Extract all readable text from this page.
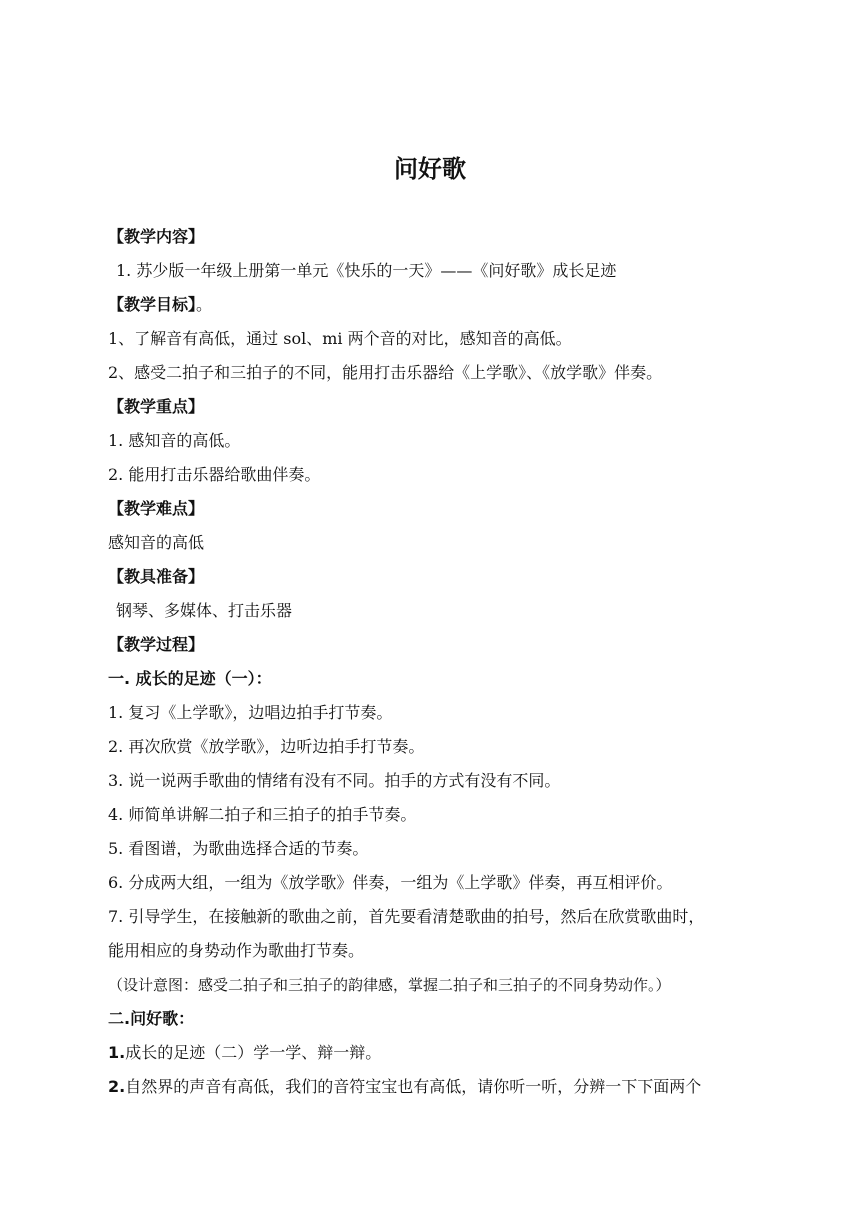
问好歌
【教学内容】
1. 苏少版一年级上册第一单元《快乐的一天》——《问好歌》成长足迹
【教学目标】。
1、了解音有高低，通过 sol、mi 两个音的对比，感知音的高低。
2、感受二拍子和三拍子的不同，能用打击乐器给《上学歌》、《放学歌》伴奏。
【教学重点】
1. 感知音的高低。
2. 能用打击乐器给歌曲伴奏。
【教学难点】
感知音的高低
【教具准备】
钢琴、多媒体、打击乐器
【教学过程】
一. 成长的足迹（一）：
1. 复习《上学歌》，边唱边拍手打节奏。
2. 再次欣赏《放学歌》，边听边拍手打节奏。
3. 说一说两手歌曲的情绪有没有不同。拍手的方式有没有不同。
4. 师简单讲解二拍子和三拍子的拍手节奏。
5. 看图谱，为歌曲选择合适的节奏。
6. 分成两大组，一组为《放学歌》伴奏，一组为《上学歌》伴奏，再互相评价。
7. 引导学生，在接触新的歌曲之前，首先要看清楚歌曲的拍号，然后在欣赏歌曲时，
能用相应的身势动作为歌曲打节奏。
（设计意图：感受二拍子和三拍子的韵律感，掌握二拍子和三拍子的不同身势动作。）
二.问好歌：
1.成长的足迹（二）学一学、辩一辩。
2.自然界的声音有高低，我们的音符宝宝也有高低，请你听一听，分辨一下下面两个
